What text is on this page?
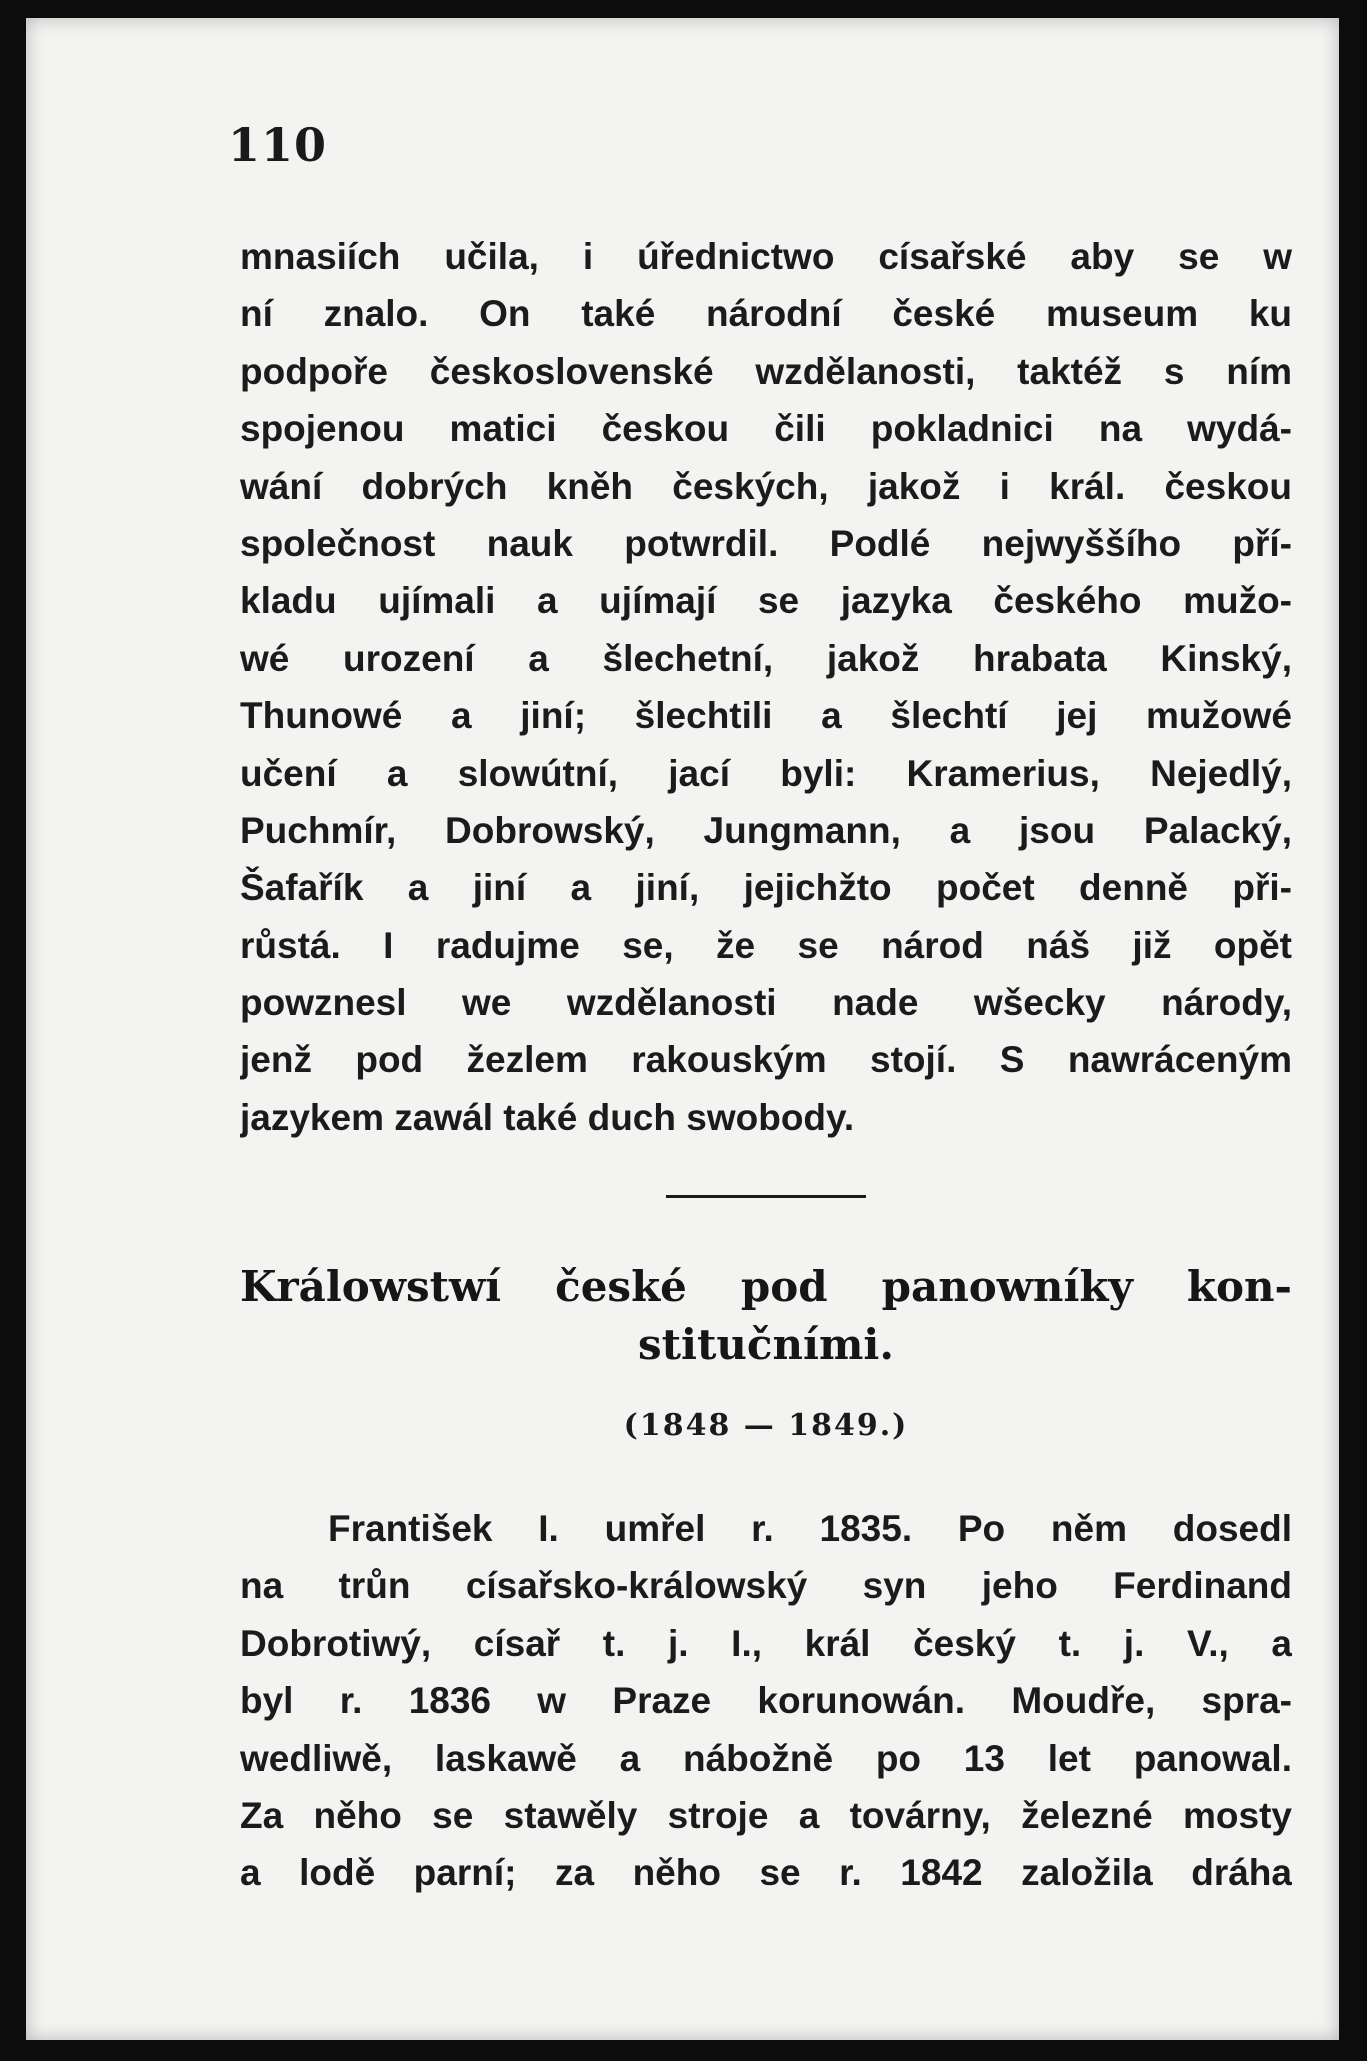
110
mnasiích učila, i úřednictwo císařské aby se w
ní znalo. On také národní české museum ku
podpoře československé wzdělanosti, taktéž s ním
spojenou matici českou čili pokladnici na wydá-
wání dobrých kněh českých, jakož i král. českou
společnost nauk potwrdil. Podlé nejwyššího pří-
kladu ujímali a ujímají se jazyka českého mužo-
wé urození a šlechetní, jakož hrabata Kinský,
Thunowé a jiní; šlechtili a šlechtí jej mužowé
učení a slowútní, jací byli: Kramerius, Nejedlý,
Puchmír, Dobrowský, Jungmann, a jsou Palacký,
Šafařík a jiní a jiní, jejichžto počet denně při-
růstá. I radujme se, že se národ náš již opět
powznesl we wzdělanosti nade wšecky národy,
jenž pod žezlem rakouským stojí. S nawráceným
jazykem zawál také duch swobody.
Králowstwí české pod panowníky kon-
stitučními.
(1848 — 1849.)
František I. umřel r. 1835. Po něm dosedl
na trůn císařsko-králowský syn jeho Ferdinand
Dobrotiwý, císař t. j. I., král český t. j. V., a
byl r. 1836 w Praze korunowán. Moudře, spra-
wedliwě, laskawě a nábožně po 13 let panowal.
Za něho se stawěly stroje a továrny, železné mosty
a lodě parní; za něho se r. 1842 založila dráha
